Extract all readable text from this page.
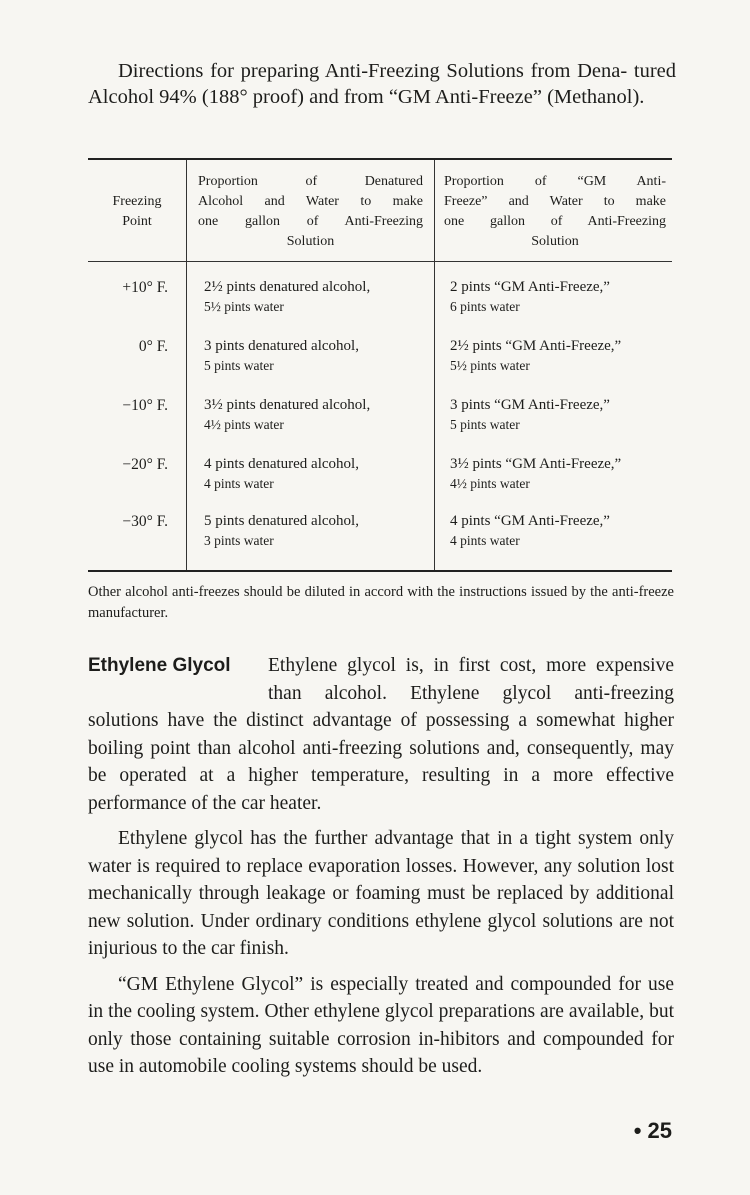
Directions for preparing Anti-Freezing Solutions from Dena- tured Alcohol 94% (188° proof) and from “GM Anti-Freeze” (Methanol).

Freezing
Point
Proportion of Denatured
Alcohol and Water to make
one gallon of Anti-Freezing
Solution
Proportion of “GM Anti-
Freeze” and Water to make
one gallon of Anti-Freezing
Solution
+10° F. 2½ pints denatured alcohol,
5½ pints water
2 pints “GM Anti-Freeze,”
6 pints water
0° F. 3 pints denatured alcohol,
5 pints water
2½ pints “GM Anti-Freeze,”
5½ pints water
−10° F. 3½ pints denatured alcohol,
4½ pints water
3 pints “GM Anti-Freeze,”
5 pints water
−20° F. 4 pints denatured alcohol,
4 pints water
3½ pints “GM Anti-Freeze,”
4½ pints water
−30° F. 5 pints denatured alcohol,
3 pints water
4 pints “GM Anti-Freeze,”
4 pints water

Other alcohol anti-freezes should be diluted in accord with the instructions issued by the anti-freeze manufacturer.

Ethylene Glycol	Ethylene glycol is, in first cost, more expensive
than alcohol. Ethylene glycol anti-freezing
solutions have the distinct advantage of possessing a somewhat higher boiling point than alcohol anti-freezing solutions and, consequently, may be operated at a higher temperature, resulting in a more effective performance of the car heater.

Ethylene glycol has the further advantage that in a tight system only water is required to replace evaporation losses. However, any solution lost mechanically through leakage or foaming must be replaced by additional new solution. Under ordinary conditions ethylene glycol solutions are not injurious to the car finish.

“GM Ethylene Glycol” is especially treated and compounded for use in the cooling system. Other ethylene glycol preparations are available, but only those containing suitable corrosion in-hibitors and compounded for use in automobile cooling systems should be used.

• 25
